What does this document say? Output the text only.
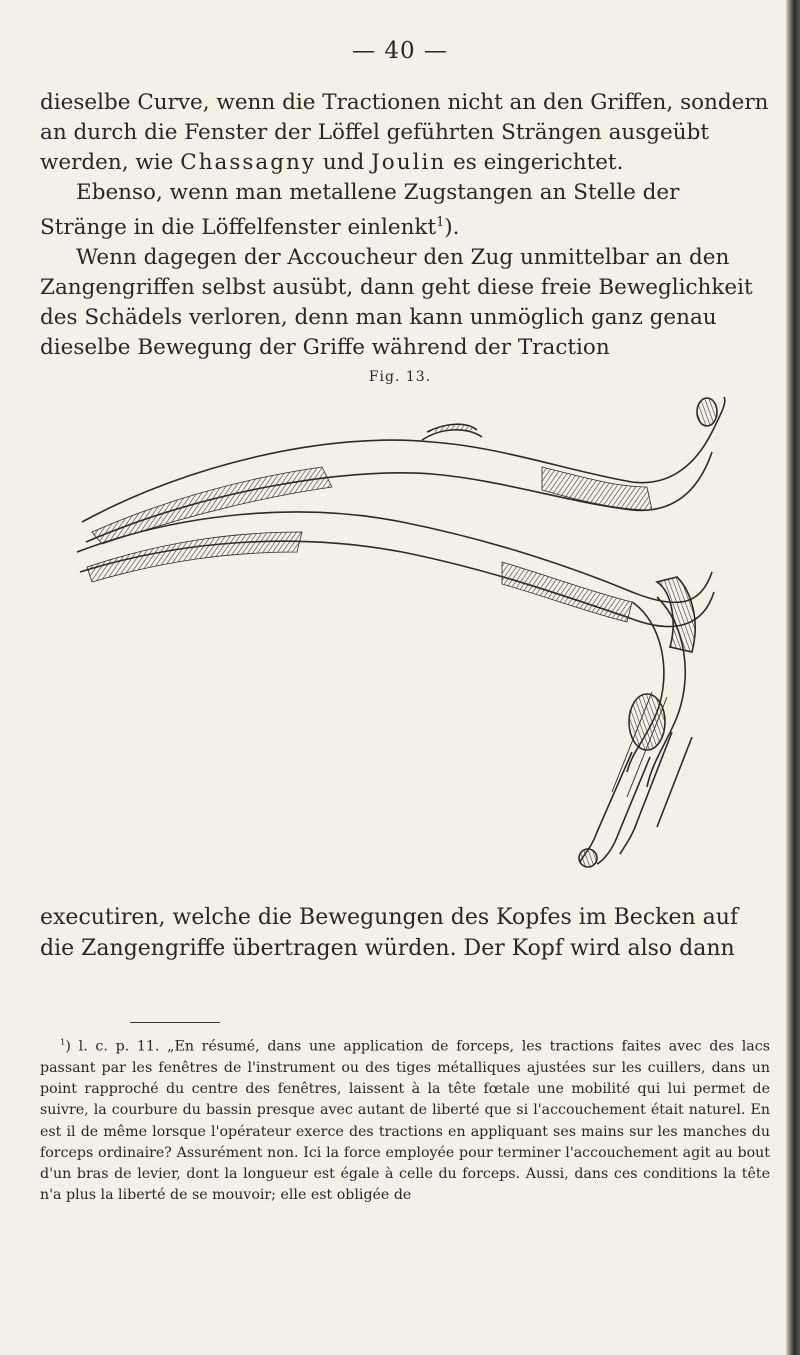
— 40 —

dieselbe Curve, wenn die Tractionen nicht an den Griffen, sondern an durch die Fenster der Löffel geführten Strängen ausgeübt werden, wie Chassagny und Joulin es eingerichtet.

Ebenso, wenn man metallene Zugstangen an Stelle der Stränge in die Löffelfenster einlenkt$^1$).

Wenn dagegen der Accoucheur den Zug unmittelbar an den Zangengriffen selbst ausübt, dann geht diese freie Beweglichkeit des Schädels verloren, denn man kann unmöglich ganz genau dieselbe Bewegung der Griffe während der Traction

Fig. 13.

executiren, welche die Bewegungen des Kopfes im Becken auf die Zangengriffe übertragen würden. Der Kopf wird also dann

$^1$) l. c. p. 11. „En résumé, dans une application de forceps, les tractions faites avec des lacs passant par les fenêtres de l'instrument ou des tiges métalliques ajustées sur les cuillers, dans un point rapproché du centre des fenêtres, laissent à la tête fœtale une mobilité qui lui permet de suivre, la courbure du bassin presque avec autant de liberté que si l'accouchement était naturel. En est il de même lorsque l'opérateur exerce des tractions en appliquant ses mains sur les manches du forceps ordinaire? Assurément non. Ici la force employée pour terminer l'accouchement agit au bout d'un bras de levier, dont la longueur est égale à celle du forceps. Aussi, dans ces conditions la tête n'a plus la liberté de se mouvoir; elle est obligée de
